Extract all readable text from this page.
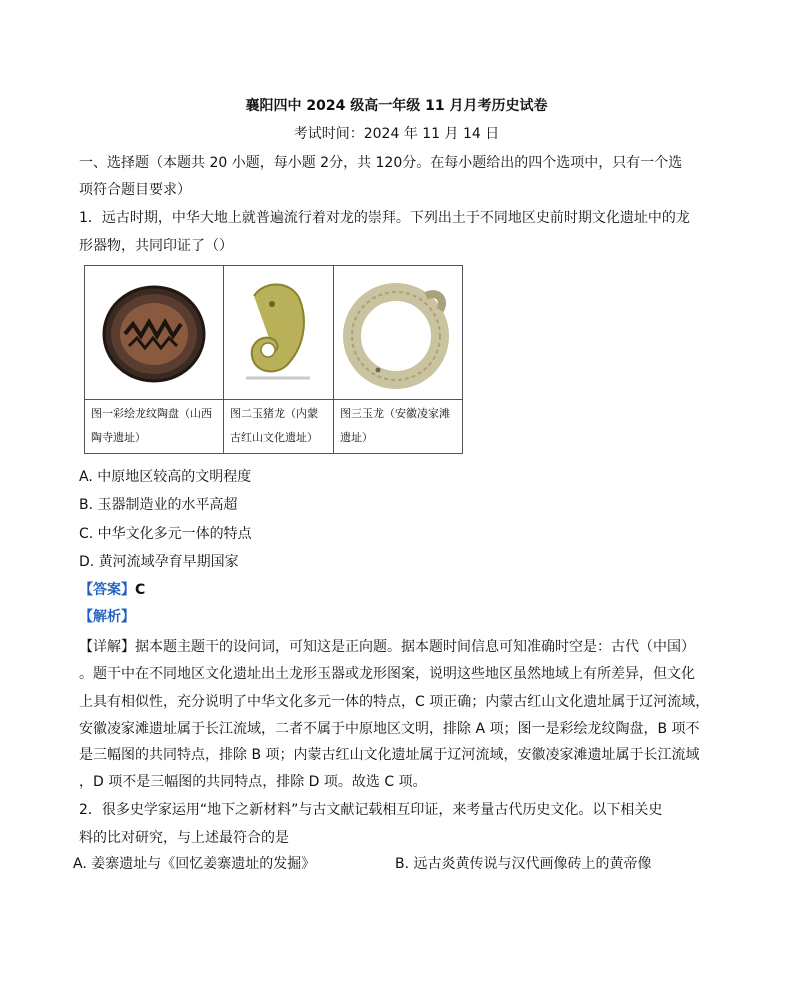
襄阳四中 2024 级高一年级 11 月月考历史试卷
考试时间：2024 年 11 月 14 日
一、选择题（本题共 20 小题，每小题 2分，共 120分。在每小题给出的四个选项中，只有一个选
项符合题目要求）
1．远古时期，中华大地上就普遍流行着对龙的崇拜。下列出土于不同地区史前时期文化遗址中的龙
形器物，共同印证了（）

图一彩绘龙纹陶盘（山西陶寺遗址）	图二玉猪龙（内蒙古红山文化遗址）	图三玉龙（安徽凌家滩遗址）
A. 中原地区较高的文明程度
B. 玉器制造业的水平高超
C. 中华文化多元一体的特点
D. 黄河流域孕育早期国家
【答案】C
【解析】
【详解】据本题主题干的设问词，可知这是正向题。据本题时间信息可知准确时空是：古代（中国）
。题干中在不同地区文化遗址出土龙形玉器或龙形图案，说明这些地区虽然地域上有所差异，但文化
上具有相似性，充分说明了中华文化多元一体的特点，C 项正确；内蒙古红山文化遗址属于辽河流域，
安徽凌家滩遗址属于长江流域，二者不属于中原地区文明，排除 A 项；图一是彩绘龙纹陶盘，B 项不
是三幅图的共同特点，排除 B 项；内蒙古红山文化遗址属于辽河流域，安徽凌家滩遗址属于长江流域
，D 项不是三幅图的共同特点，排除 D 项。故选 C 项。
2．很多史学家运用“地下之新材料”与古文献记载相互印证，来考量古代历史文化。以下相关史
料的比对研究，与上述最符合的是
A. 姜寨遗址与《回忆姜寨遗址的发掘》	B. 远古炎黄传说与汉代画像砖上的黄帝像
